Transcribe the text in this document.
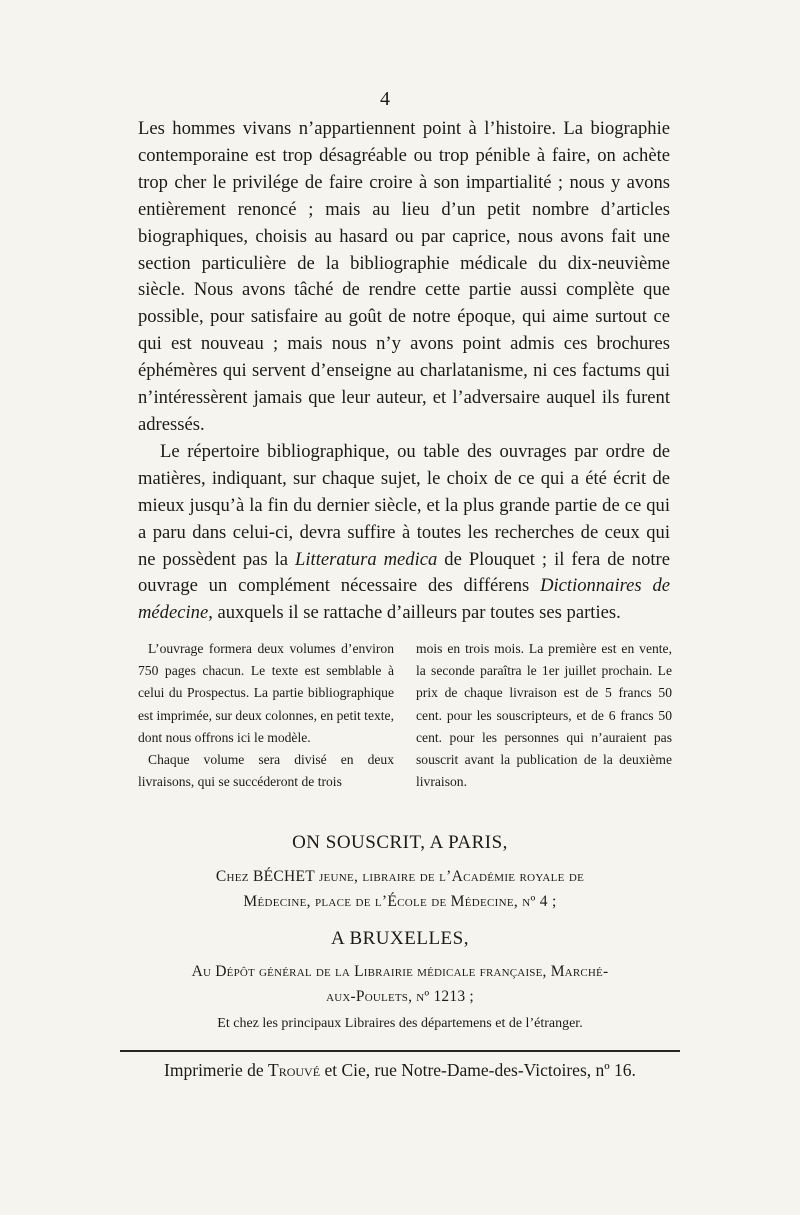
4

Les hommes vivans n’appartiennent point à l’histoire. La biographie contemporaine est trop désagréable ou trop pénible à faire, on achète trop cher le privilége de faire croire à son impartialité ; nous y avons entièrement renoncé ; mais au lieu d’un petit nombre d’articles biographiques, choisis au hasard ou par caprice, nous avons fait une section particulière de la bibliographie médicale du dix-neuvième siècle. Nous avons tâché de rendre cette partie aussi complète que possible, pour satisfaire au goût de notre époque, qui aime surtout ce qui est nouveau ; mais nous n’y avons point admis ces brochures éphémères qui servent d’enseigne au charlatanisme, ni ces factums qui n’intéressèrent jamais que leur auteur, et l’adversaire auquel ils furent adressés.

Le répertoire bibliographique, ou table des ouvrages par ordre de matières, indiquant, sur chaque sujet, le choix de ce qui a été écrit de mieux jusqu’à la fin du dernier siècle, et la plus grande partie de ce qui a paru dans celui-ci, devra suffire à toutes les recherches de ceux qui ne possèdent pas la Litteratura medica de Plouquet ; il fera de notre ouvrage un complément nécessaire des différens Dictionnaires de médecine, auxquels il se rattache d’ailleurs par toutes ses parties.

L’ouvrage formera deux volumes d’environ 750 pages chacun. Le texte est semblable à celui du Prospectus. La partie bibliographique est imprimée, sur deux colonnes, en petit texte, dont nous offrons ici le modèle.

Chaque volume sera divisé en deux livraisons, qui se succéderont de trois

mois en trois mois. La première est en vente, la seconde paraîtra le 1er juillet prochain. Le prix de chaque livraison est de 5 francs 50 cent. pour les souscripteurs, et de 6 francs 50 cent. pour les personnes qui n’auraient pas souscrit avant la publication de la deuxième livraison.

ON SOUSCRIT, A PARIS,

Chez BÉCHET jeune, libraire de l’Académie royale de
Médecine, place de l’École de Médecine, nº 4 ;

A BRUXELLES,

Au Dépôt général de la Librairie médicale française, Marché-
aux-Poulets, nº 1213 ;

Et chez les principaux Libraires des départemens et de l’étranger.

Imprimerie de Trouvé et Cie, rue Notre-Dame-des-Victoires, nº 16.
